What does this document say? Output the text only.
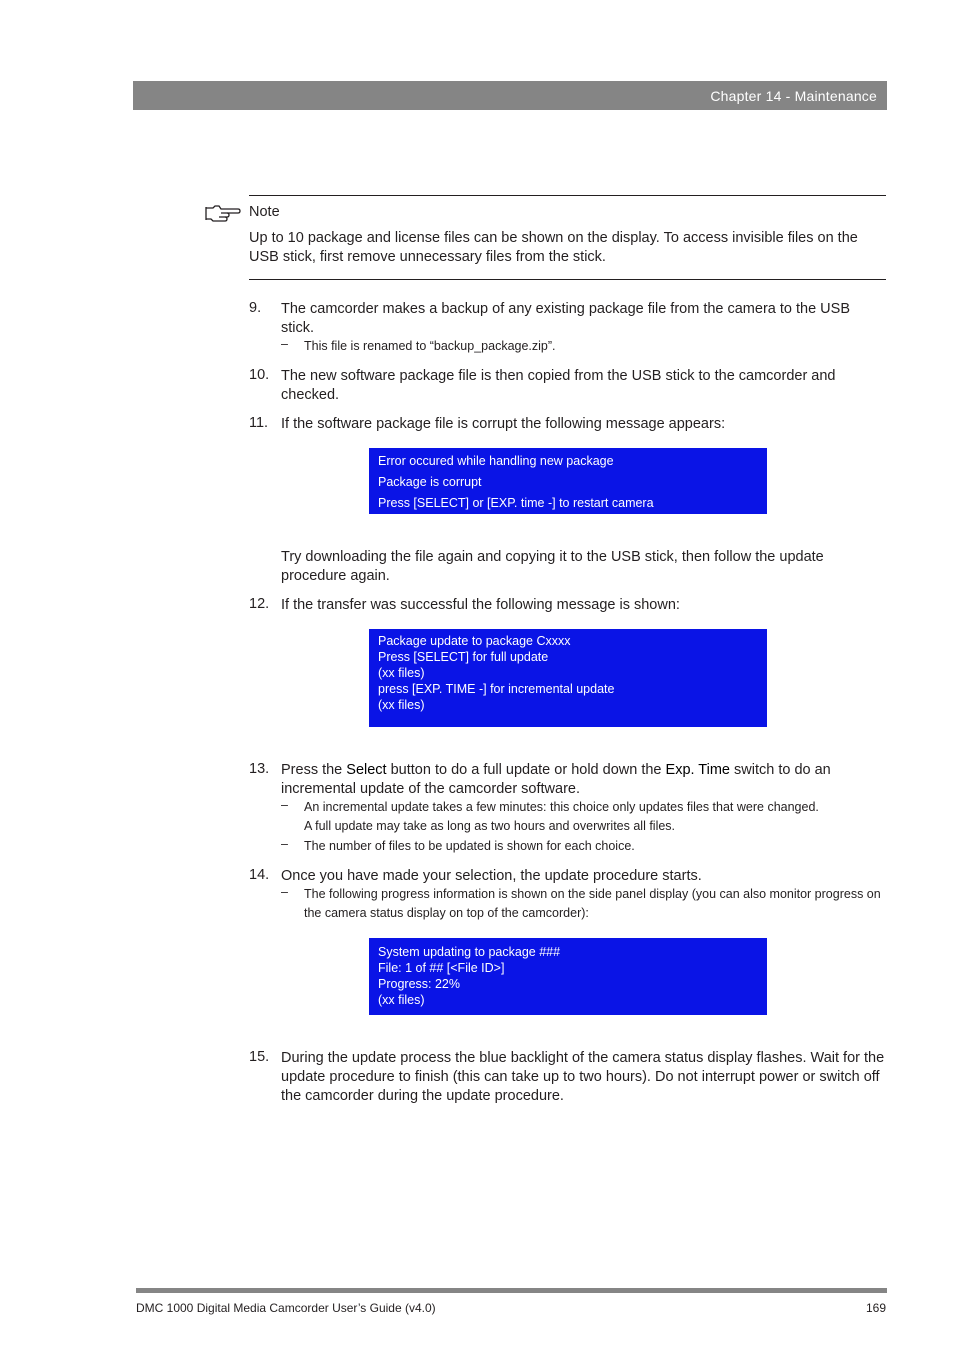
Chapter 14 - Maintenance
Note
Up to 10 package and license files can be shown on the display. To access invisible files on the USB stick, first remove unnecessary files from the stick.
9. The camcorder makes a backup of any existing package file from the camera to the USB stick.
– This file is renamed to “backup_package.zip”.
10. The new software package file is then copied from the USB stick to the camcorder and checked.
11. If the software package file is corrupt the following message appears:
Error occured while handling new package
Package is corrupt
Press [SELECT] or [EXP. time -] to restart camera
Try downloading the file again and copying it to the USB stick, then follow the update procedure again.
12. If the transfer was successful the following message is shown:
Package update to package Cxxxx
Press [SELECT] for full update
(xx files)
press [EXP. TIME -] for incremental update
(xx files)
13. Press the Select button to do a full update or hold down the Exp. Time switch to do an incremental update of the camcorder software.
– An incremental update takes a few minutes: this choice only updates files that were changed. A full update may take as long as two hours and overwrites all files.
– The number of files to be updated is shown for each choice.
14. Once you have made your selection, the update procedure starts.
– The following progress information is shown on the side panel display (you can also monitor progress on the camera status display on top of the camcorder):
System updating to package ###
File: 1 of ## [<File ID>]
Progress: 22%
(xx files)
15. During the update process the blue backlight of the camera status display flashes. Wait for the update procedure to finish (this can take up to two hours). Do not interrupt power or switch off the camcorder during the update procedure.
DMC 1000 Digital Media Camcorder User’s Guide (v4.0)	169
